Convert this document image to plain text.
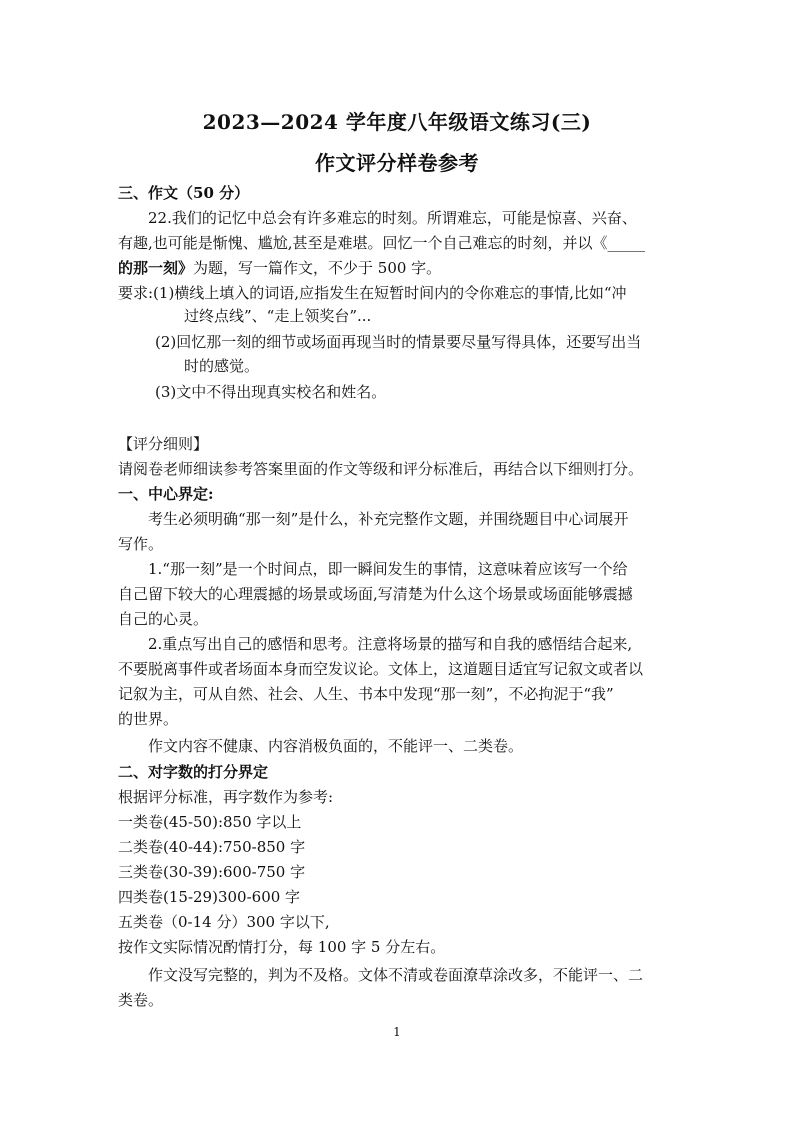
2023—2024 学年度八年级语文练习(三)
作文评分样卷参考
三、作文（50 分）
22.我们的记忆中总会有许多难忘的时刻。所谓难忘，可能是惊喜、兴奋、
有趣,也可能是惭愧、尴尬,甚至是难堪。回忆一个自己难忘的时刻，并以《_____
的那一刻》为题，写一篇作文，不少于 500 字。
要求:(1)横线上填入的词语,应指发生在短暂时间内的令你难忘的事情,比如“冲
过终点线”、“走上领奖台”...
(2)回忆那一刻的细节或场面再现当时的情景要尽量写得具体，还要写出当
时的感觉。
(3)文中不得出现真实校名和姓名。
【评分细则】
请阅卷老师细读参考答案里面的作文等级和评分标准后，再结合以下细则打分。
一、中心界定:
考生必须明确“那一刻”是什么，补充完整作文题，并围绕题目中心词展开
写作。
1.“那一刻”是一个时间点，即一瞬间发生的事情，这意味着应该写一个给
自己留下较大的心理震撼的场景或场面,写清楚为什么这个场景或场面能够震撼
自己的心灵。
2.重点写出自己的感悟和思考。注意将场景的描写和自我的感悟结合起来,
不要脱离事件或者场面本身而空发议论。文体上，这道题目适宜写记叙文或者以
记叙为主，可从自然、社会、人生、书本中发现“那一刻”，不必拘泥于“我”
的世界。
作文内容不健康、内容消极负面的，不能评一、二类卷。
二、对字数的打分界定
根据评分标准，再字数作为参考:
一类卷(45-50):850 字以上
二类卷(40-44):750-850 字
三类卷(30-39):600-750 字
四类卷(15-29)300-600 字
五类卷（0-14 分）300 字以下,
按作文实际情况酌情打分，每 100 字 5 分左右。
作文没写完整的，判为不及格。文体不清或卷面潦草涂改多，不能评一、二
类卷。
1
